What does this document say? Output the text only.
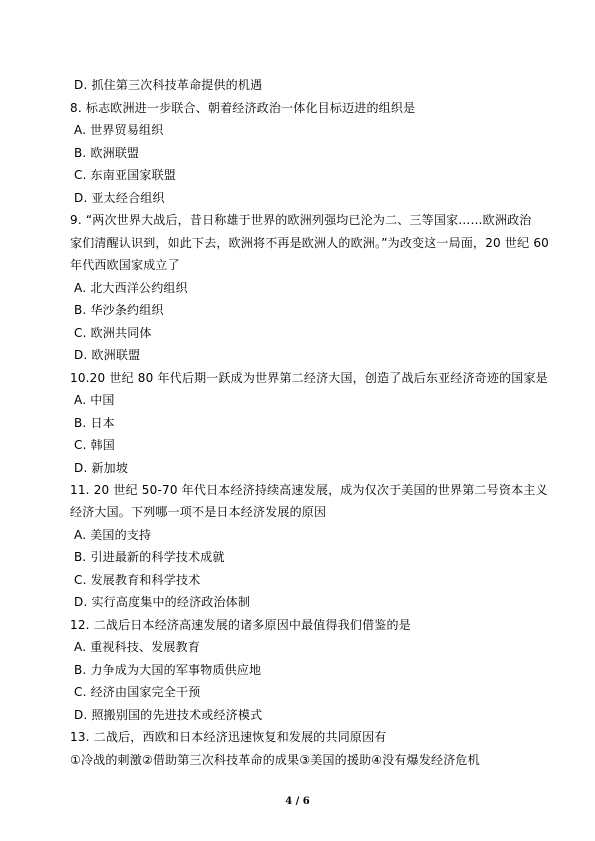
D. 抓住第三次科技革命提供的机遇
8. 标志欧洲进一步联合、朝着经济政治一体化目标迈进的组织是
A. 世界贸易组织
B. 欧洲联盟
C. 东南亚国家联盟
D. 亚太经合组织
9. “两次世界大战后，昔日称雄于世界的欧洲列强均已沦为二、三等国家……欧洲政治
家们清醒认识到，如此下去，欧洲将不再是欧洲人的欧洲。”为改变这一局面，20 世纪 60
年代西欧国家成立了
A. 北大西洋公约组织
B. 华沙条约组织
C. 欧洲共同体
D. 欧洲联盟
10.20 世纪 80 年代后期一跃成为世界第二经济大国，创造了战后东亚经济奇迹的国家是
A. 中国
B. 日本
C. 韩国
D. 新加坡
11. 20 世纪 50-70 年代日本经济持续高速发展，成为仅次于美国的世界第二号资本主义
经济大国。下列哪一项不是日本经济发展的原因
A. 美国的支持
B. 引进最新的科学技术成就
C. 发展教育和科学技术
D. 实行高度集中的经济政治体制
12. 二战后日本经济高速发展的诸多原因中最值得我们借鉴的是
A. 重视科技、发展教育
B. 力争成为大国的军事物质供应地
C. 经济由国家完全干预
D. 照搬别国的先进技术或经济模式
13. 二战后，西欧和日本经济迅速恢复和发展的共同原因有
①冷战的刺激②借助第三次科技革命的成果③美国的援助④没有爆发经济危机
4 / 6
